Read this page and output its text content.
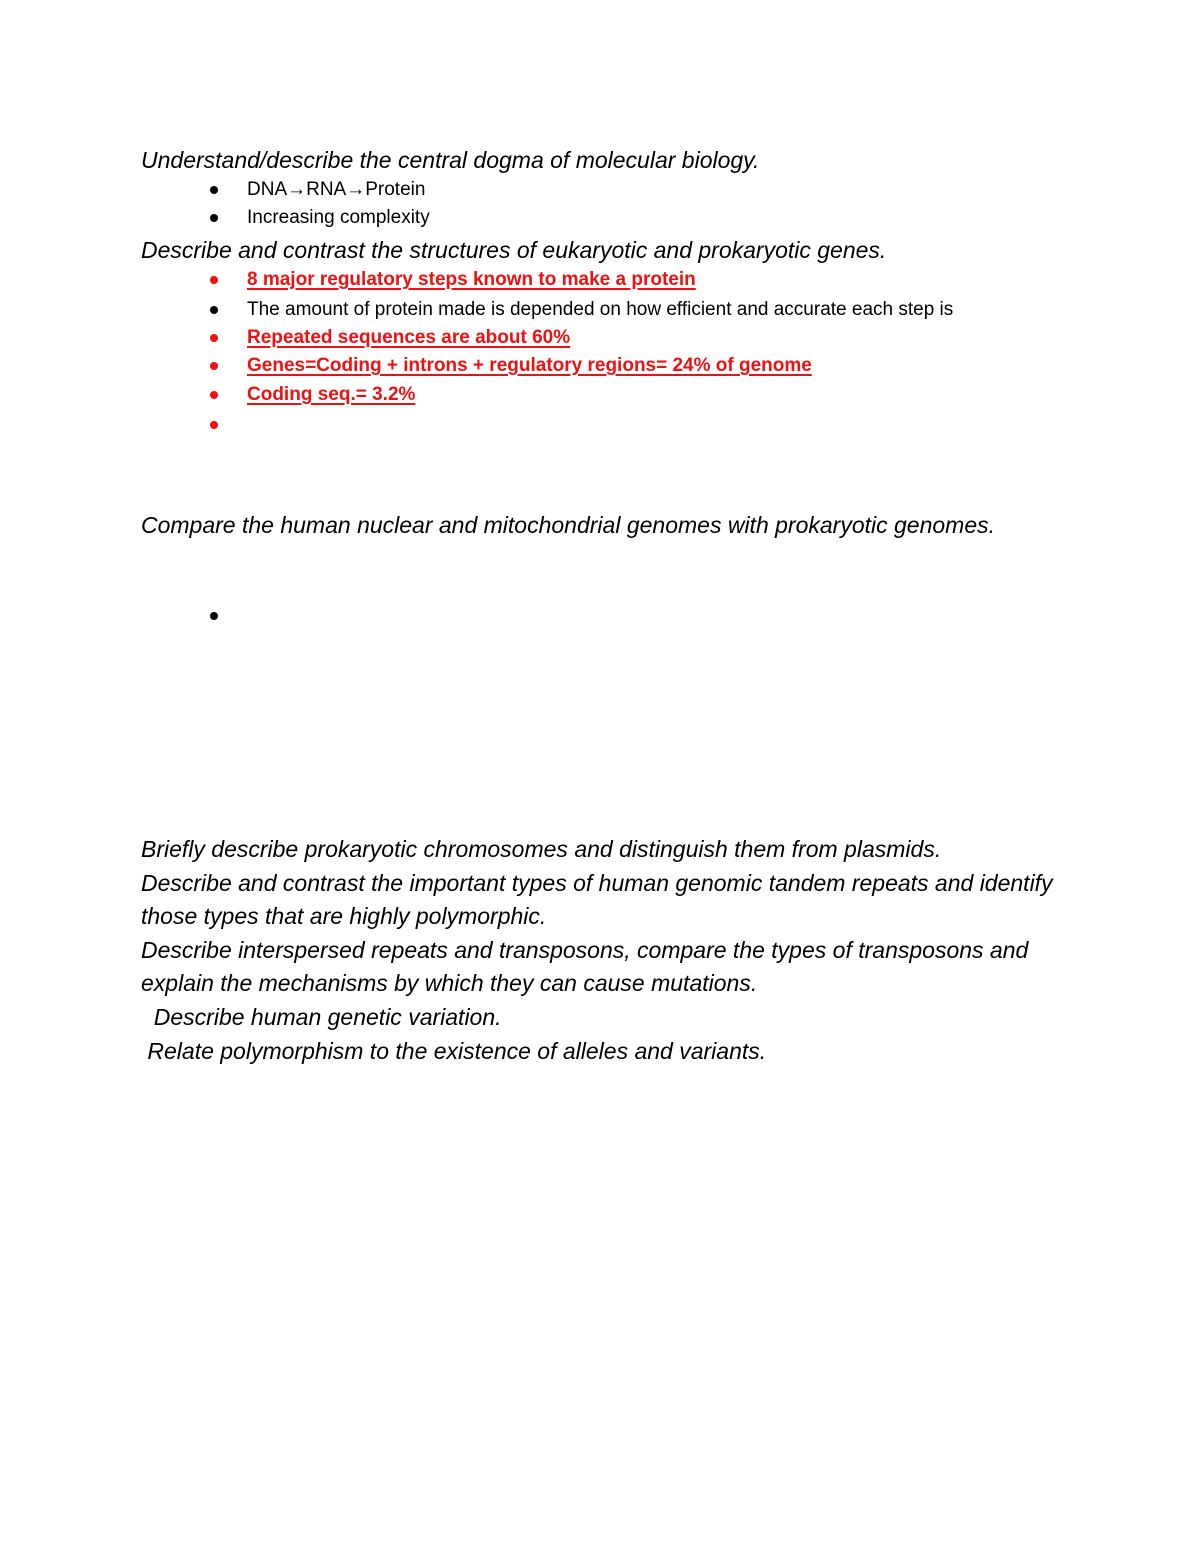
Understand/describe the central dogma of molecular biology.
DNA→RNA→Protein
Increasing complexity
Describe and contrast the structures of eukaryotic and prokaryotic genes.
8 major regulatory steps known to make a protein
The amount of protein made is depended on how efficient and accurate each step is
Repeated sequences are about 60%
Genes=Coding + introns + regulatory regions= 24% of genome
Coding seq.= 3.2%
Compare the human nuclear and mitochondrial genomes with prokaryotic genomes.
Briefly describe prokaryotic chromosomes and distinguish them from plasmids.
Describe and contrast the important types of human genomic tandem repeats and identify those types that are highly polymorphic.
Describe interspersed repeats and transposons, compare the types of transposons and explain the mechanisms by which they can cause mutations.
Describe human genetic variation.
Relate polymorphism to the existence of alleles and variants.
